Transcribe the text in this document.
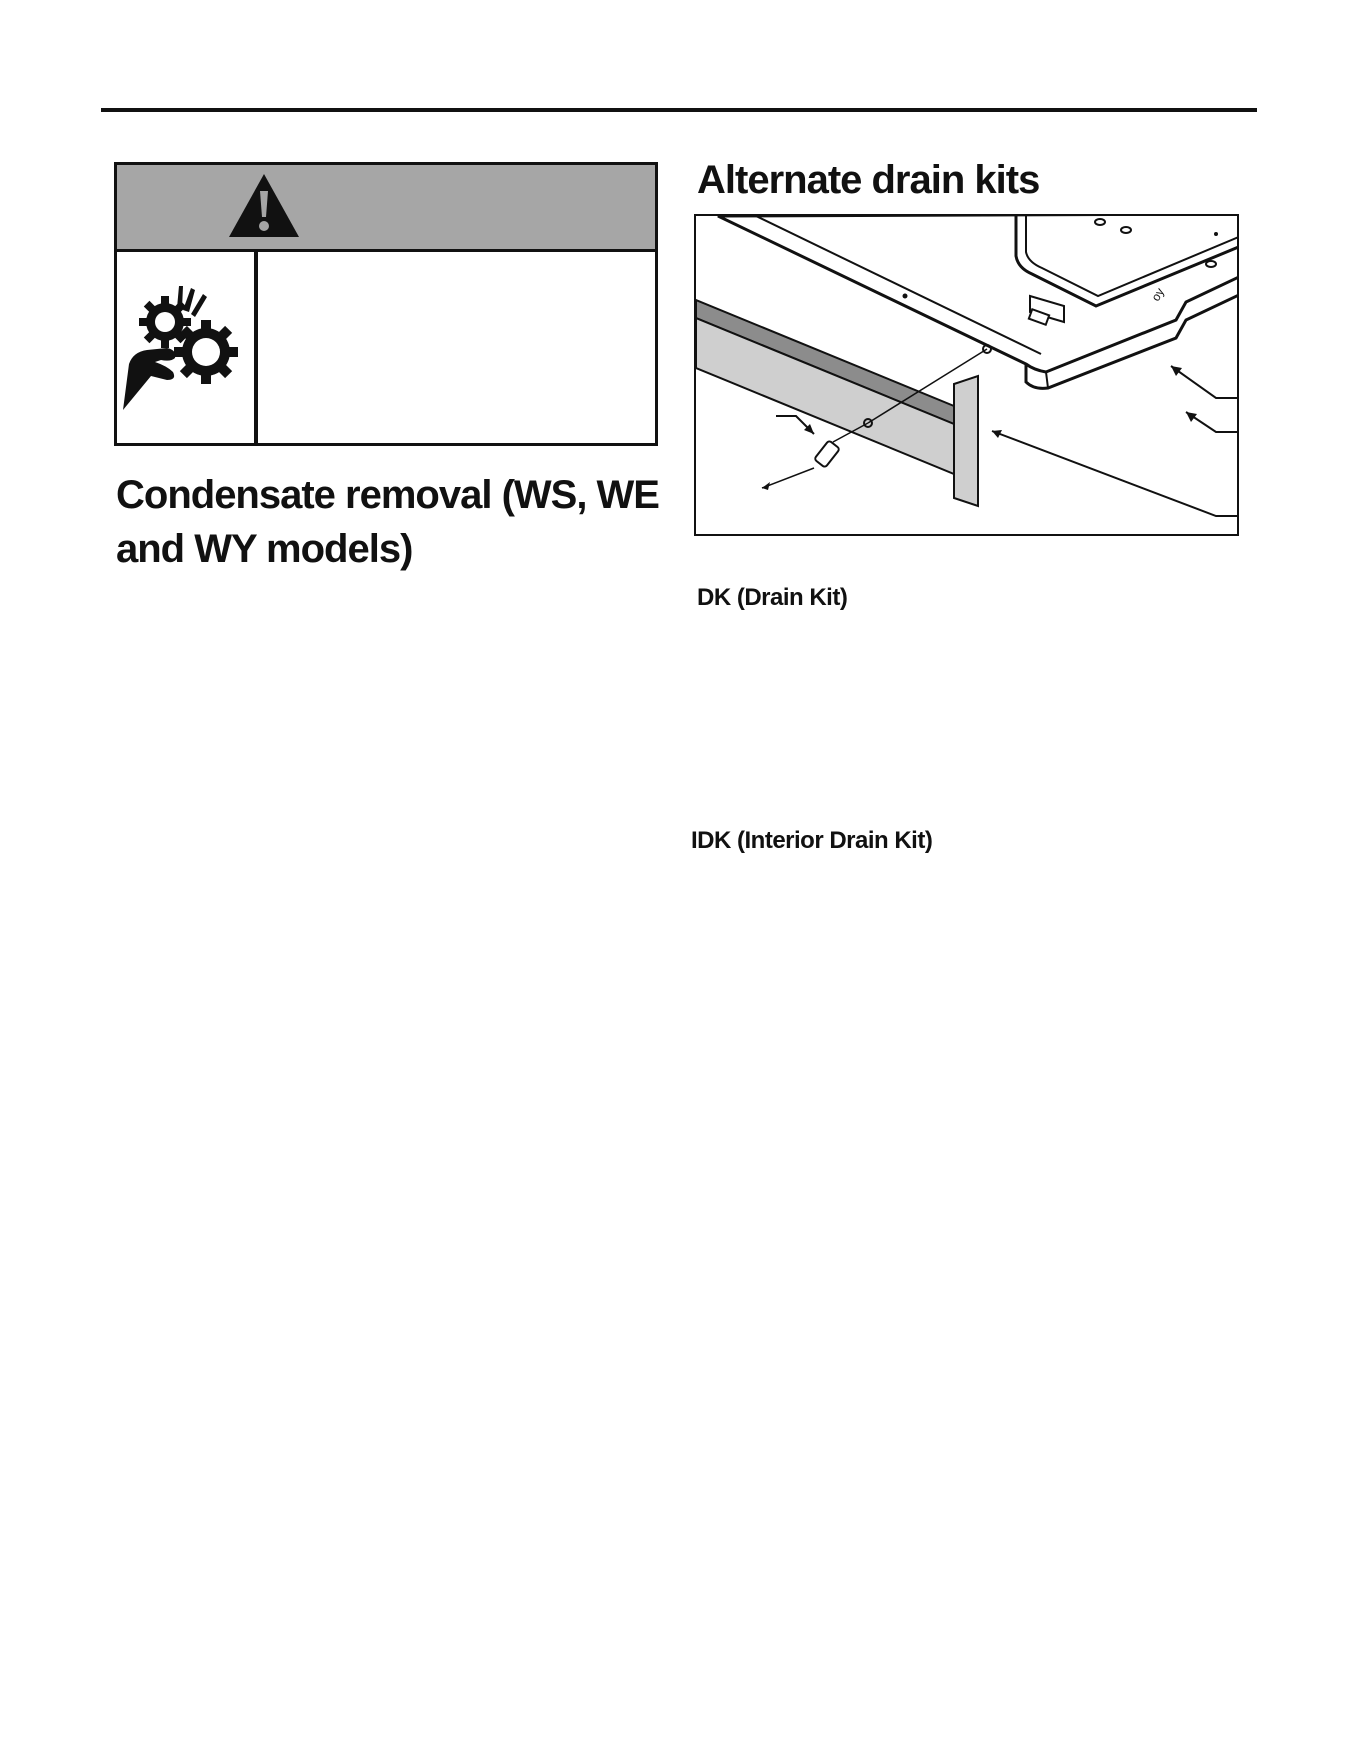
Condensate removal (WS, WE and WY models)
Alternate drain kits
oy
DK (Drain Kit)
IDK (Interior Drain Kit)
